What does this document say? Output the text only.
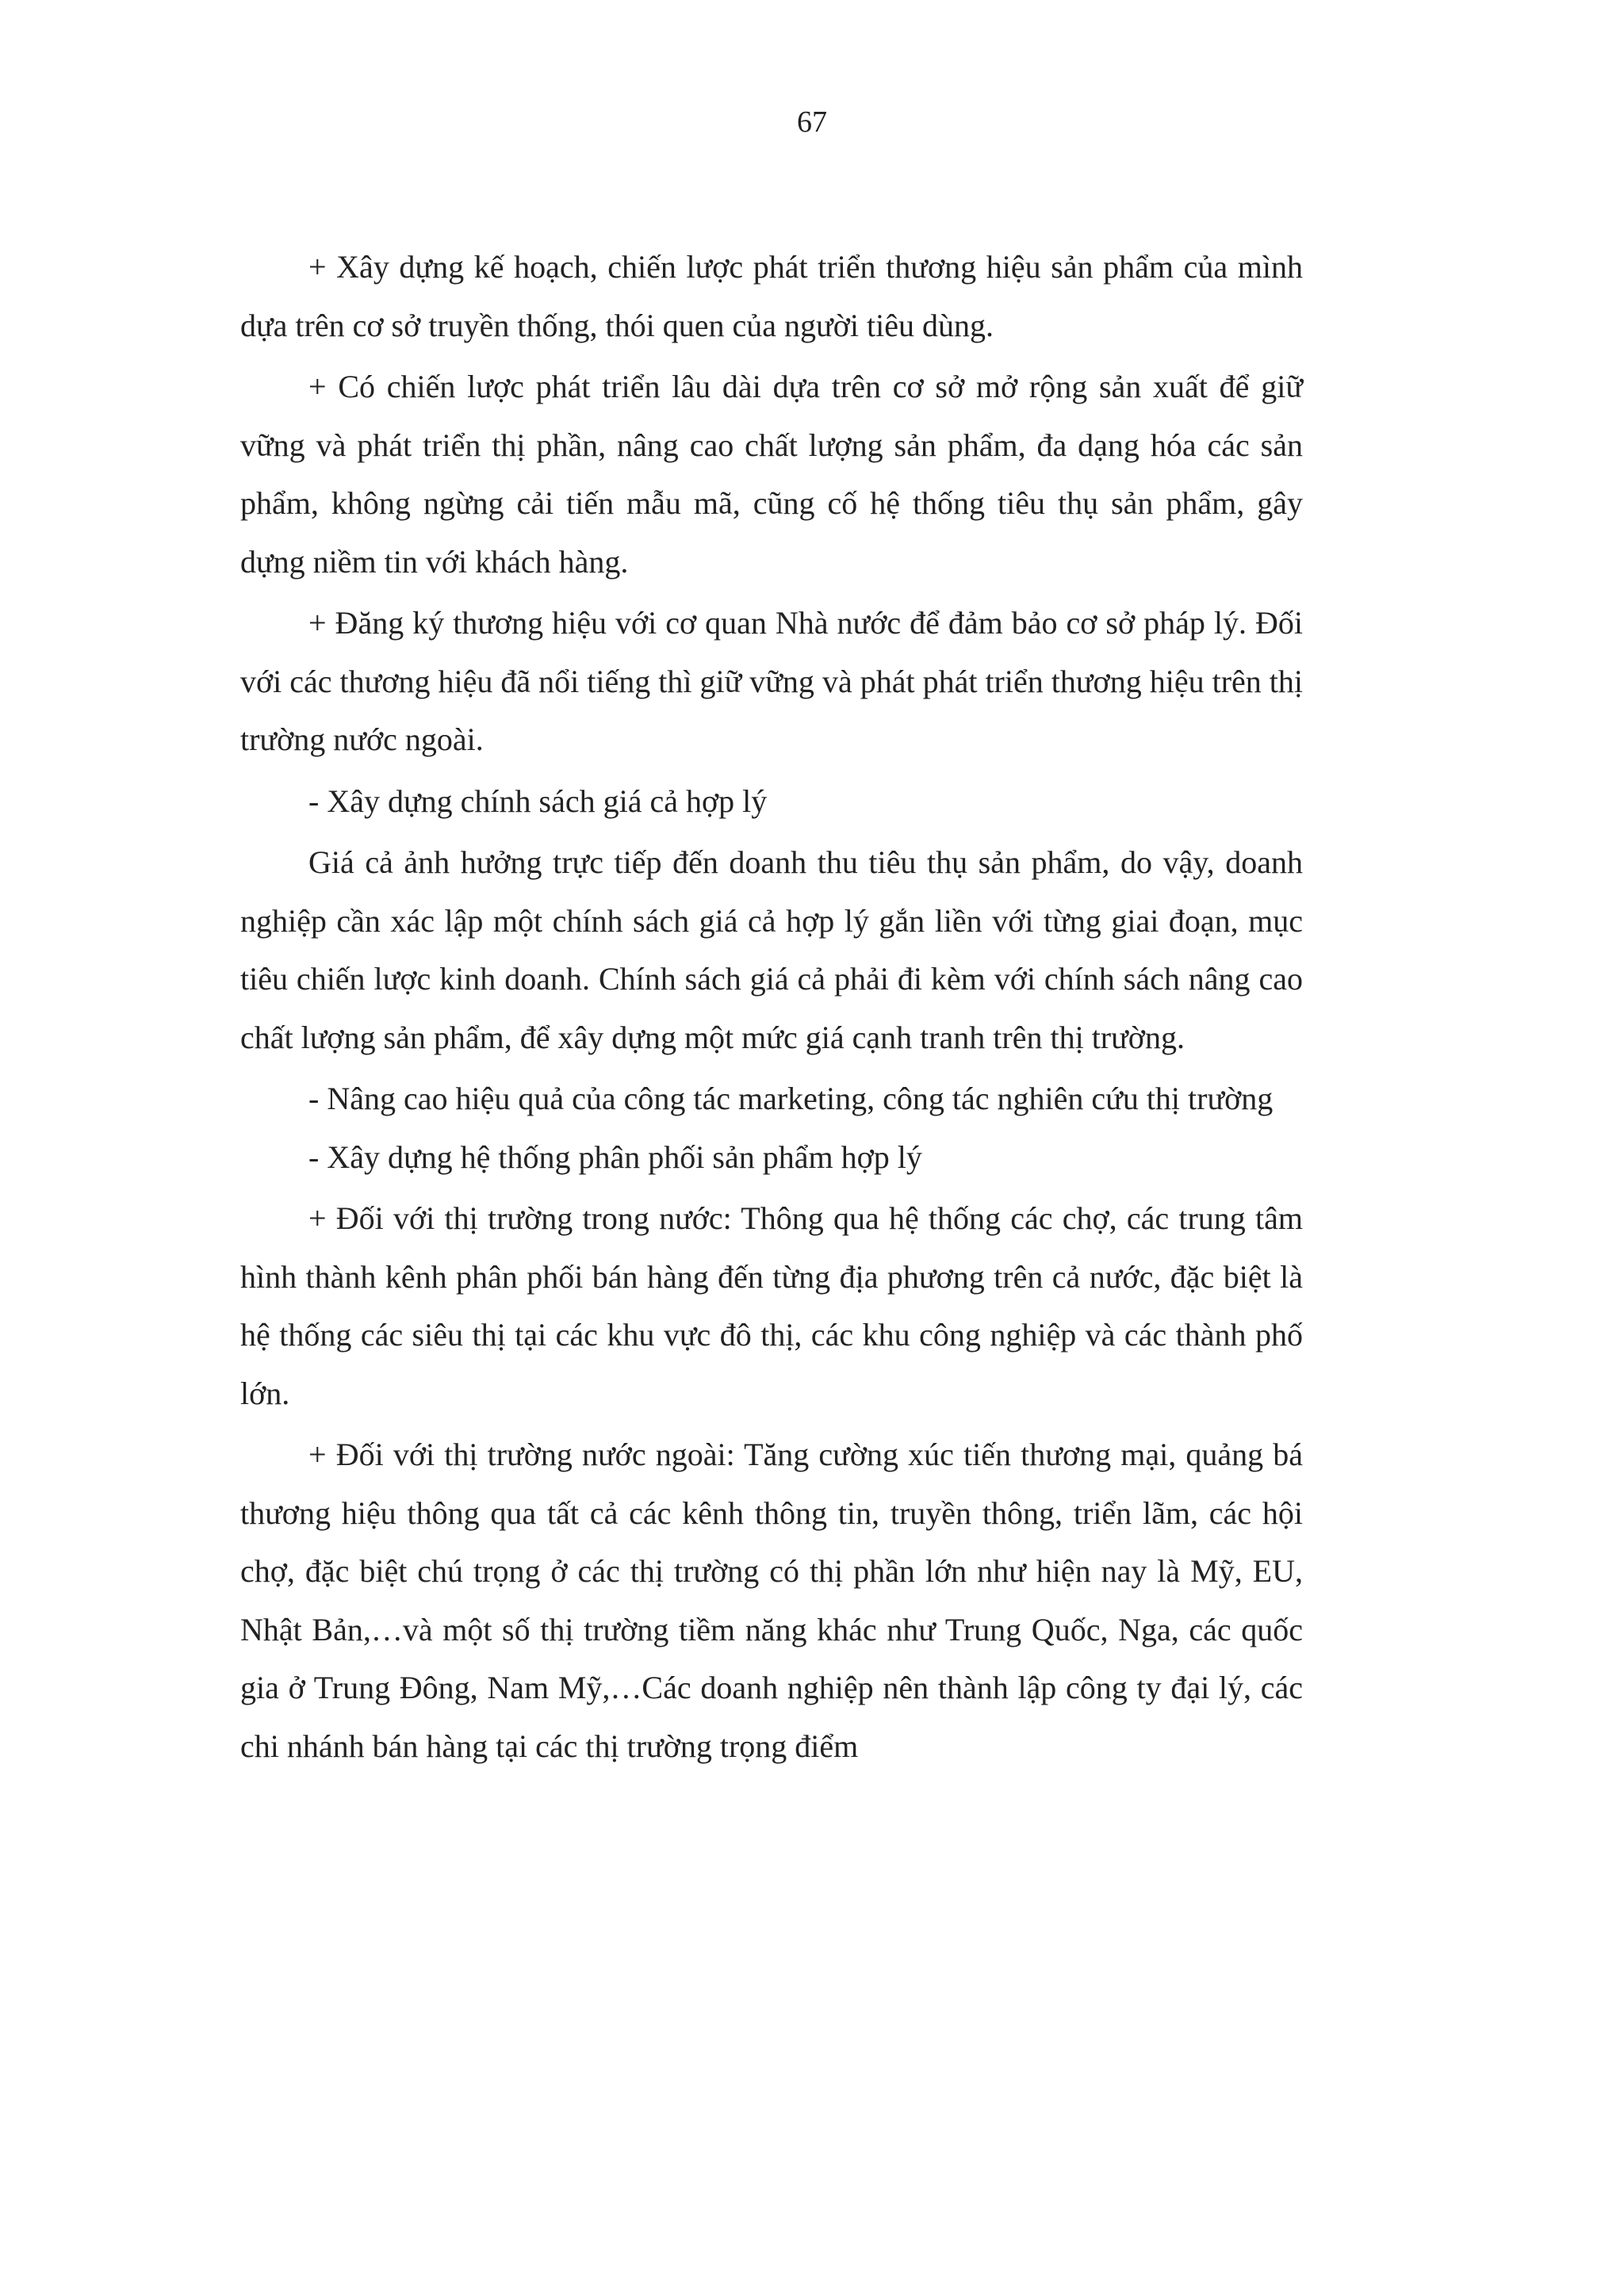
67

+ Xây dựng kế hoạch, chiến lược phát triển thương hiệu sản phẩm của mình dựa trên cơ sở truyền thống, thói quen của người tiêu dùng.

+ Có chiến lược phát triển lâu dài dựa trên cơ sở mở rộng sản xuất để giữ vững và phát triển thị phần, nâng cao chất lượng sản phẩm, đa dạng hóa các sản phẩm, không ngừng cải tiến mẫu mã, cũng cố hệ thống tiêu thụ sản phẩm, gây dựng niềm tin với khách hàng.

+ Đăng ký thương hiệu với cơ quan Nhà nước để đảm bảo cơ sở pháp lý. Đối với các thương hiệu đã nổi tiếng thì giữ vững và phát phát triển thương hiệu trên thị trường nước ngoài.

- Xây dựng chính sách giá cả hợp lý

Giá cả ảnh hưởng trực tiếp đến doanh thu tiêu thụ sản phẩm, do vậy, doanh nghiệp cần xác lập một chính sách giá cả hợp lý gắn liền với từng giai đoạn, mục tiêu chiến lược kinh doanh. Chính sách giá cả phải đi kèm với chính sách nâng cao chất lượng sản phẩm, để xây dựng một mức giá cạnh tranh trên thị trường.

- Nâng cao hiệu quả của công tác marketing, công tác nghiên cứu thị trường

- Xây dựng hệ thống phân phối sản phẩm hợp lý

+ Đối với thị trường trong nước: Thông qua hệ thống các chợ, các trung tâm hình thành kênh phân phối bán hàng đến từng địa phương trên cả nước, đặc biệt là hệ thống các siêu thị tại các khu vực đô thị, các khu công nghiệp và các thành phố lớn.

+ Đối với thị trường nước ngoài: Tăng cường xúc tiến thương mại, quảng bá thương hiệu thông qua tất cả các kênh thông tin, truyền thông, triển lãm, các hội chợ, đặc biệt chú trọng ở các thị trường có thị phần lớn như hiện nay là Mỹ, EU, Nhật Bản,…và một số thị trường tiềm năng khác như Trung Quốc, Nga, các quốc gia ở Trung Đông, Nam Mỹ,…Các doanh nghiệp nên thành lập công ty đại lý, các chi nhánh bán hàng tại các thị trường trọng điểm
